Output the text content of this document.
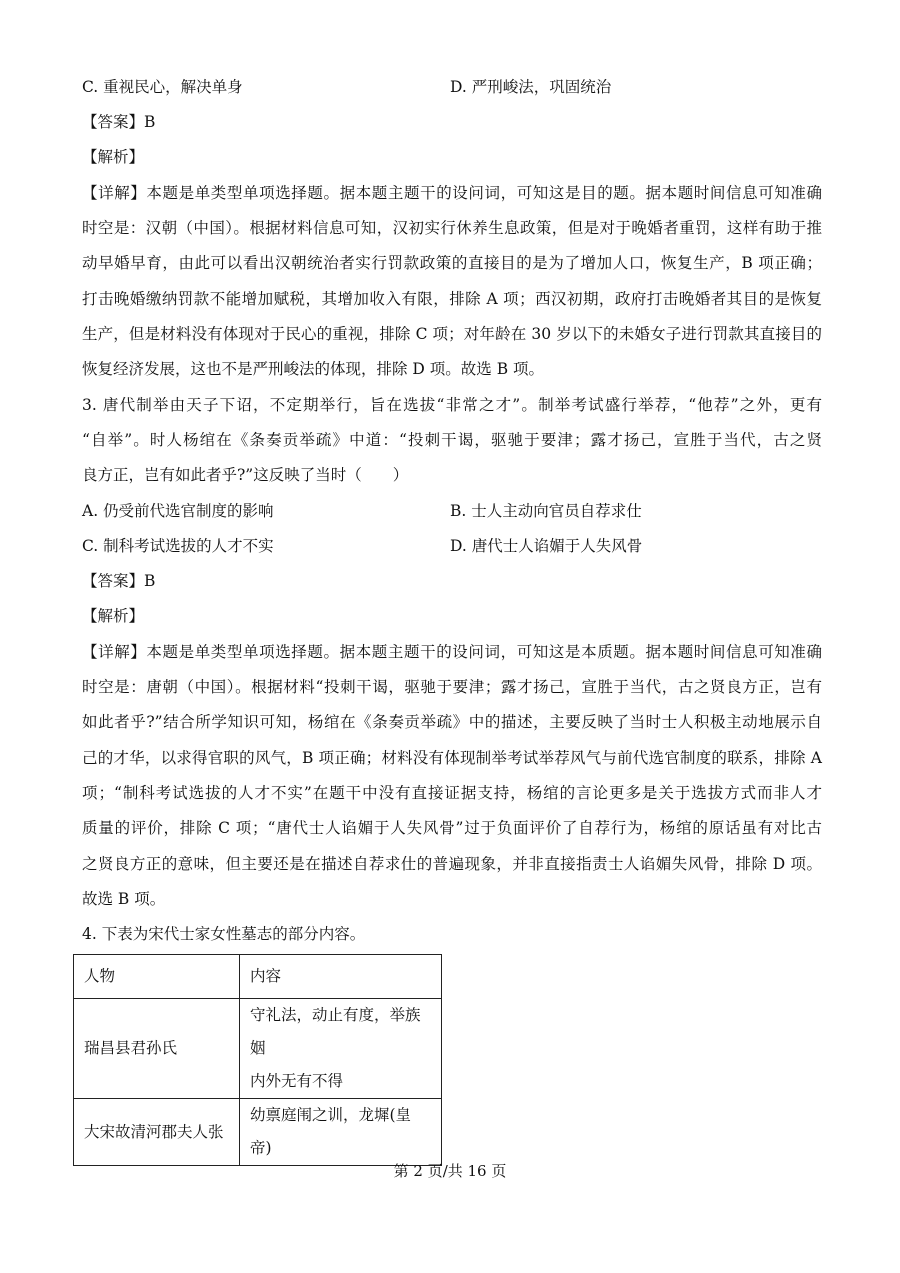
C. 重视民心，解决单身	D. 严刑峻法，巩固统治
【答案】B
【解析】
【详解】本题是单类型单项选择题。据本题主题干的设问词，可知这是目的题。据本题时间信息可知准确
时空是：汉朝（中国）。根据材料信息可知，汉初实行休养生息政策，但是对于晚婚者重罚，这样有助于推
动早婚早育，由此可以看出汉朝统治者实行罚款政策的直接目的是为了增加人口，恢复生产，B 项正确；
打击晚婚缴纳罚款不能增加赋税，其增加收入有限，排除 A 项；西汉初期，政府打击晚婚者其目的是恢复
生产，但是材料没有体现对于民心的重视，排除 C 项；对年龄在 30 岁以下的未婚女子进行罚款其直接目的
恢复经济发展，这也不是严刑峻法的体现，排除 D 项。故选 B 项。
3. 唐代制举由天子下诏，不定期举行，旨在选拔“非常之才”。制举考试盛行举荐，“他荐”之外，更有
“自举”。时人杨绾在《条奏贡举疏》中道：“投刺干谒，驱驰于要津；露才扬己，宣胜于当代，古之贤
良方正，岂有如此者乎?”这反映了当时（　　）
A. 仍受前代选官制度的影响	B. 士人主动向官员自荐求仕
C. 制科考试选拔的人才不实	D. 唐代士人谄媚于人失风骨
【答案】B
【解析】
【详解】本题是单类型单项选择题。据本题主题干的设问词，可知这是本质题。据本题时间信息可知准确
时空是：唐朝（中国）。根据材料“投刺干谒，驱驰于要津；露才扬己，宣胜于当代，古之贤良方正，岂有
如此者乎?”结合所学知识可知，杨绾在《条奏贡举疏》中的描述，主要反映了当时士人积极主动地展示自
己的才华，以求得官职的风气，B 项正确；材料没有体现制举考试举荐风气与前代选官制度的联系，排除 A
项；“制科考试选拔的人才不实”在题干中没有直接证据支持，杨绾的言论更多是关于选拔方式而非人才
质量的评价，排除 C 项；“唐代士人谄媚于人失风骨”过于负面评价了自荐行为，杨绾的原话虽有对比古
之贤良方正的意味，但主要还是在描述自荐求仕的普遍现象，并非直接指责士人谄媚失风骨，排除 D 项。
故选 B 项。
4. 下表为宋代士家女性墓志的部分内容。
人物	内容
瑞昌县君孙氏	守礼法，动止有度，举族姻
内外无有不得

大宋故清河郡夫人张	幼禀庭闱之训，龙墀(皇帝)
第 2 页/共 16 页
